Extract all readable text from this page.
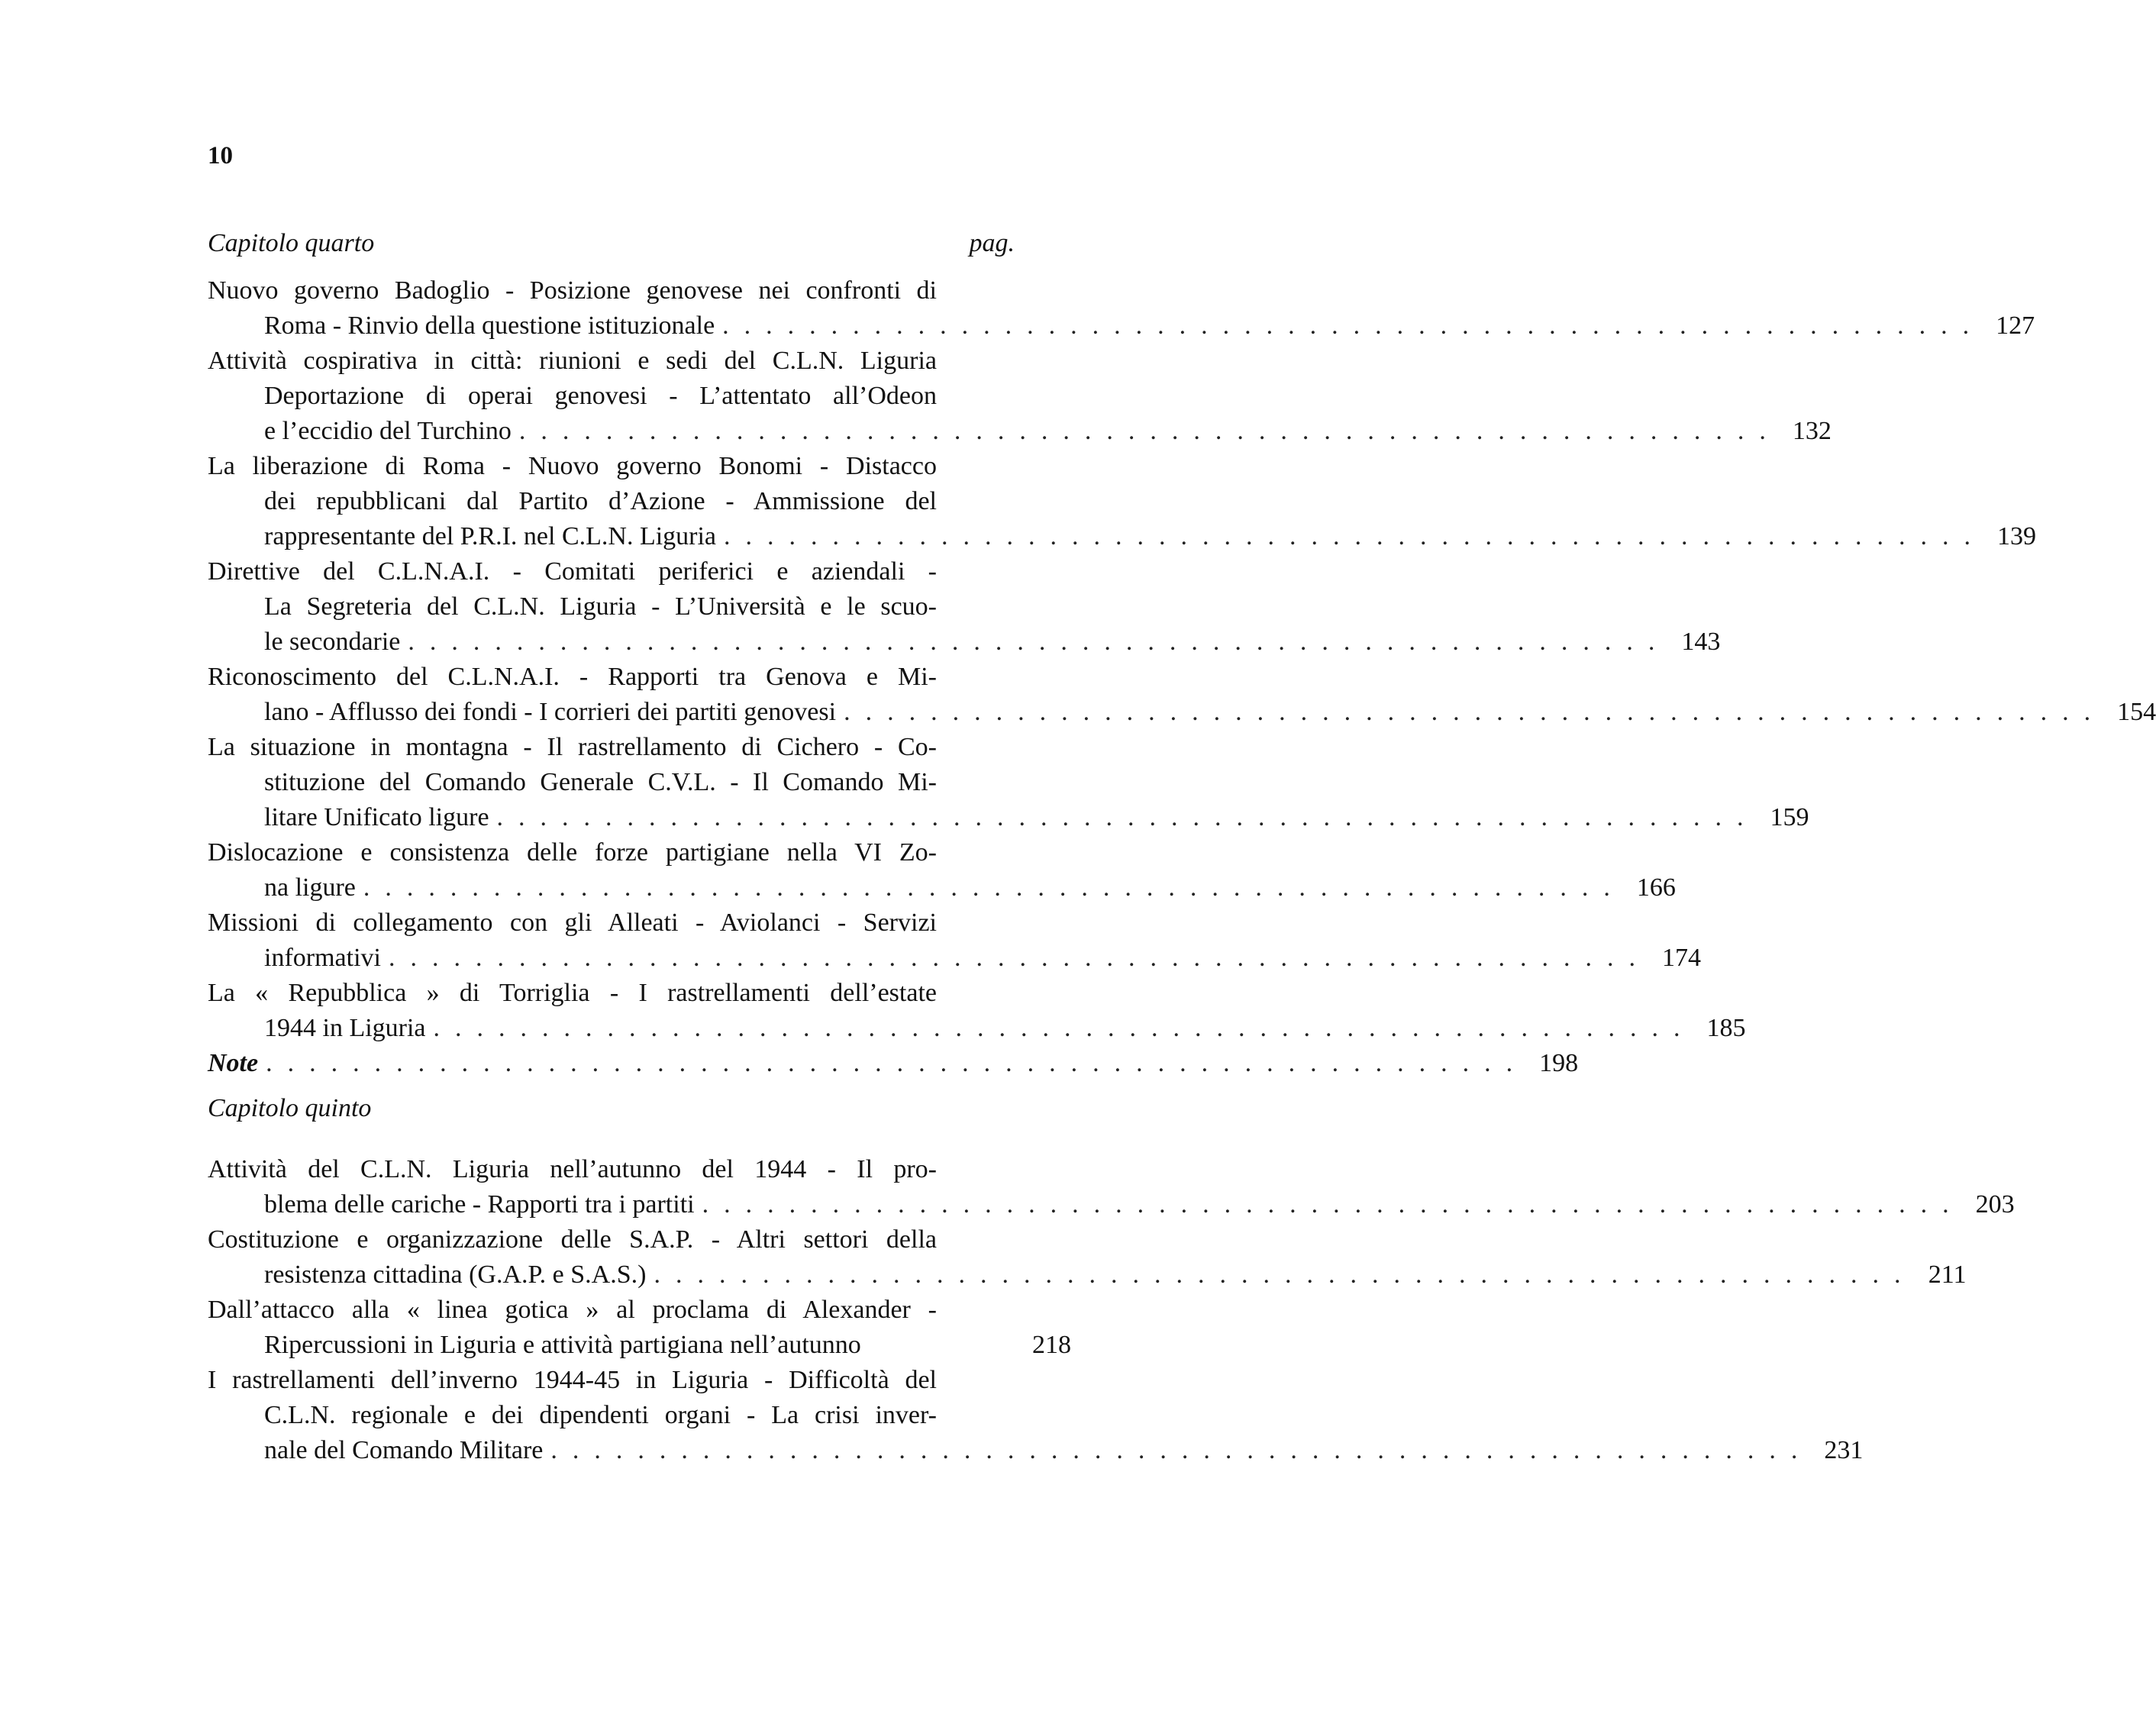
10
Capitolo quarto	pag.
Nuovo governo Badoglio - Posizione genovese nei confronti di
Roma - Rinvio della questione istituzionale .......................................................... 127
Attività cospirativa in città: riunioni e sedi del C.L.N. Liguria
Deportazione di operai genovesi - L’attentato all’Odeon
e l’eccidio del Turchino .......................................................... 132
La liberazione di Roma - Nuovo governo Bonomi - Distacco
dei repubblicani dal Partito d’Azione - Ammissione del
rappresentante del P.R.I. nel C.L.N. Liguria .......................................................... 139
Direttive del C.L.N.A.I. - Comitati periferici e aziendali -
La Segreteria del C.L.N. Liguria - L’Università e le scuo-
le secondarie .......................................................... 143
Riconoscimento del C.L.N.A.I. - Rapporti tra Genova e Mi-
lano - Afflusso dei fondi - I corrieri dei partiti genovesi .......................................................... 154
La situazione in montagna - Il rastrellamento di Cichero - Co-
stituzione del Comando Generale C.V.L. - Il Comando Mi-
litare Unificato ligure .......................................................... 159
Dislocazione e consistenza delle forze partigiane nella VI Zo-
na ligure .......................................................... 166
Missioni di collegamento con gli Alleati - Aviolanci - Servizi
informativi .......................................................... 174
La « Repubblica » di Torriglia - I rastrellamenti dell’estate
1944 in Liguria .......................................................... 185
Note .......................................................... 198
Capitolo quinto
Attività del C.L.N. Liguria nell’autunno del 1944 - Il pro-
blema delle cariche - Rapporti tra i partiti .......................................................... 203
Costituzione e organizzazione delle S.A.P. - Altri settori della
resistenza cittadina (G.A.P. e S.A.S.) .......................................................... 211
Dall’attacco alla « linea gotica » al proclama di Alexander -
Ripercussioni in Liguria e attività partigiana nell’autunno	218
I rastrellamenti dell’inverno 1944-45 in Liguria - Difficoltà del
C.L.N. regionale e dei dipendenti organi - La crisi inver-
nale del Comando Militare .......................................................... 231
